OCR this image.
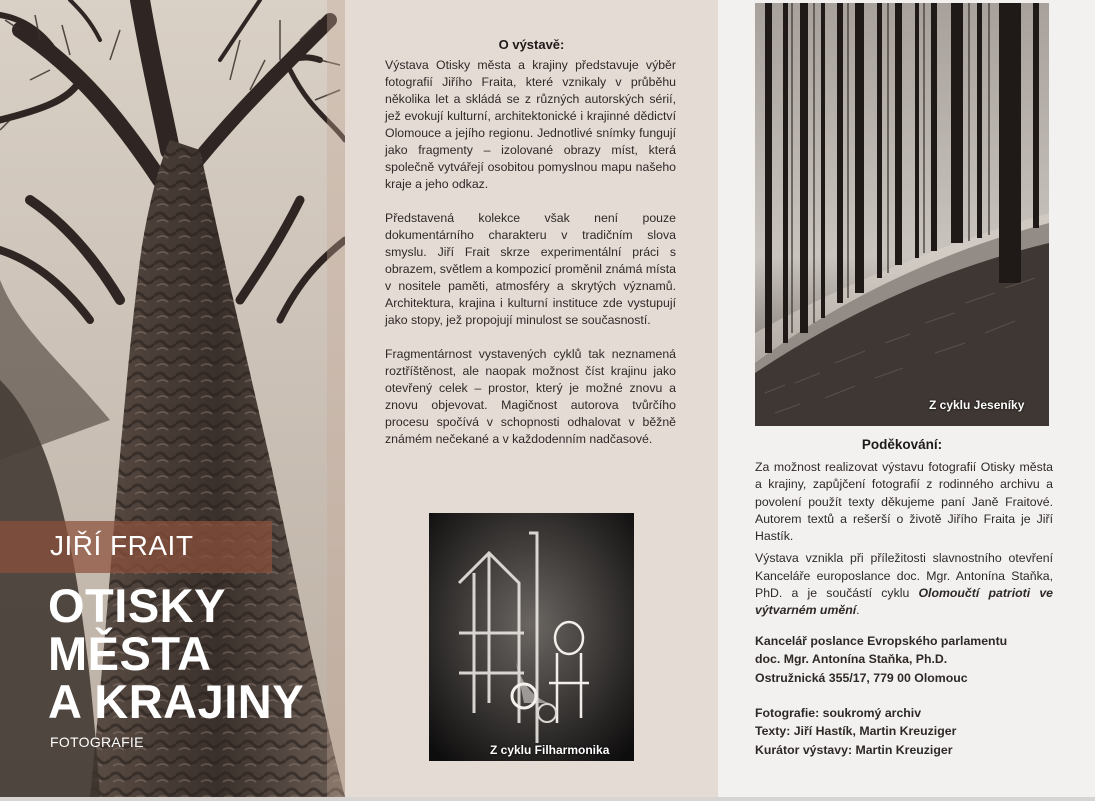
JIŘÍ FRAIT
OTISKY
MĚSTA
A KRAJINY
FOTOGRAFIE
O výstavě:

Výstava Otisky města a krajiny představuje výběr fotografií Jiřího Fraita, které vznikaly v průběhu několika let a skládá se z různých autorských sérií, jež evokují kulturní, architektonické i krajinné dědictví Olomouce a jejího regionu. Jednotlivé snímky fungují jako fragmenty – izolované obrazy míst, která společně vytvářejí osobitou pomyslnou mapu našeho kraje a jeho odkaz.

Představená kolekce však není pouze dokumentárního charakteru v tradičním slova smyslu. Jiří Frait skrze experimentální práci s obrazem, světlem a kompozicí proměnil známá místa v nositele paměti, atmosféry a skrytých významů. Architektura, krajina i kulturní instituce zde vystupují jako stopy, jež propojují minulost se současností.

Fragmentárnost vystavených cyklů tak neznamená roztříštěnost, ale naopak možnost číst krajinu jako otevřený celek – prostor, který je možné znovu a znovu objevovat. Magičnost autorova tvůrčího procesu spočívá v schopnosti odhalovat v běžně známém nečekané a v každodenním nadčasové.

Z cyklu Filharmonika
Z cyklu Jeseníky
Poděkování:

Za možnost realizovat výstavu fotografií Otisky města a krajiny, zapůjčení fotografií z rodinného archivu a povolení použít texty děkujeme paní Janě Fraitové. Autorem textů a rešerší o životě Jiřího Fraita je Jiří Hastík.

Výstava vznikla při příležitosti slavnostního otevření Kanceláře europoslance doc. Mgr. Antonína Staňka, PhD. a je součástí cyklu Olomoučtí patrioti ve výtvarném umění.

Kancelář poslance Evropského parlamentu
doc. Mgr. Antonína Staňka, Ph.D.
Ostružnická 355/17, 779 00 Olomouc
Fotografie: soukromý archiv
Texty: Jiří Hastík, Martin Kreuziger
Kurátor výstavy: Martin Kreuziger
